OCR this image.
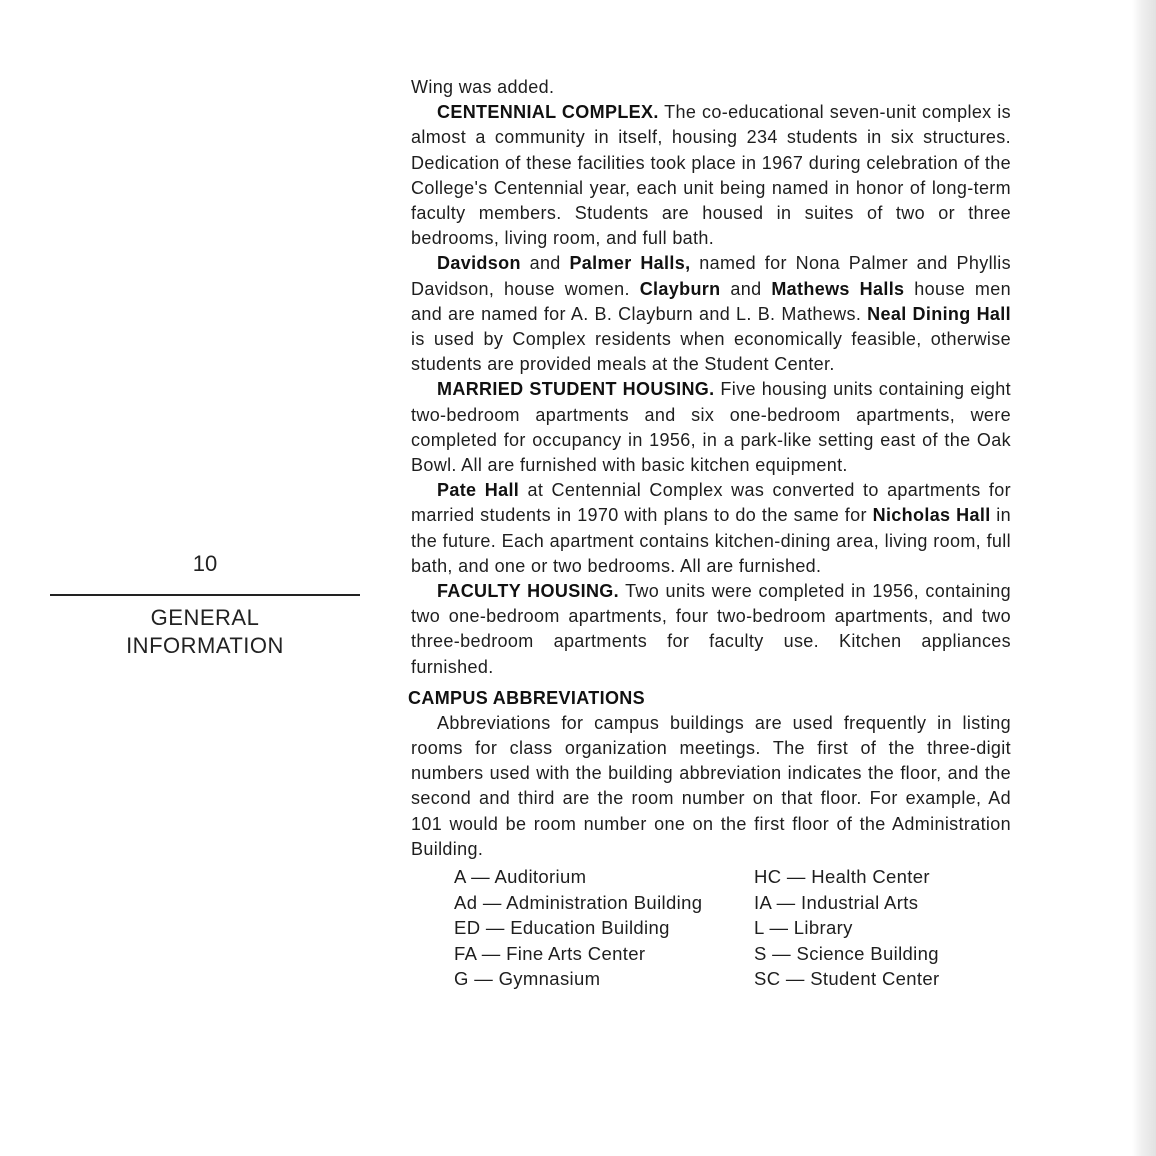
10
GENERAL
INFORMATION

Wing was added.

CENTENNIAL COMPLEX. The co-educational seven-unit complex is almost a community in itself, housing 234 students in six structures. Dedication of these facilities took place in 1967 during celebration of the College's Centennial year, each unit being named in honor of long-term faculty members. Students are housed in suites of two or three bedrooms, living room, and full bath.

Davidson and Palmer Halls, named for Nona Palmer and Phyllis Davidson, house women. Clayburn and Mathews Halls house men and are named for A. B. Clayburn and L. B. Mathews. Neal Dining Hall is used by Complex residents when economically feasible, otherwise students are provided meals at the Student Center.

MARRIED STUDENT HOUSING. Five housing units containing eight two-bedroom apartments and six one-bedroom apartments, were completed for occupancy in 1956, in a park-like setting east of the Oak Bowl. All are furnished with basic kitchen equipment.

Pate Hall at Centennial Complex was converted to apartments for married students in 1970 with plans to do the same for Nicholas Hall in the future. Each apartment contains kitchen-dining area, living room, full bath, and one or two bedrooms. All are furnished.

FACULTY HOUSING. Two units were completed in 1956, containing two one-bedroom apartments, four two-bedroom apartments, and two three-bedroom apartments for faculty use. Kitchen appliances furnished.

CAMPUS ABBREVIATIONS

Abbreviations for campus buildings are used frequently in listing rooms for class organization meetings. The first of the three-digit numbers used with the building abbreviation indicates the floor, and the second and third are the room number on that floor. For example, Ad 101 would be room number one on the first floor of the Administration Building.

A — Auditorium	HC — Health Center
Ad — Administration Building	IA — Industrial Arts
ED — Education Building	L — Library
FA — Fine Arts Center	S — Science Building
G — Gymnasium	SC — Student Center
